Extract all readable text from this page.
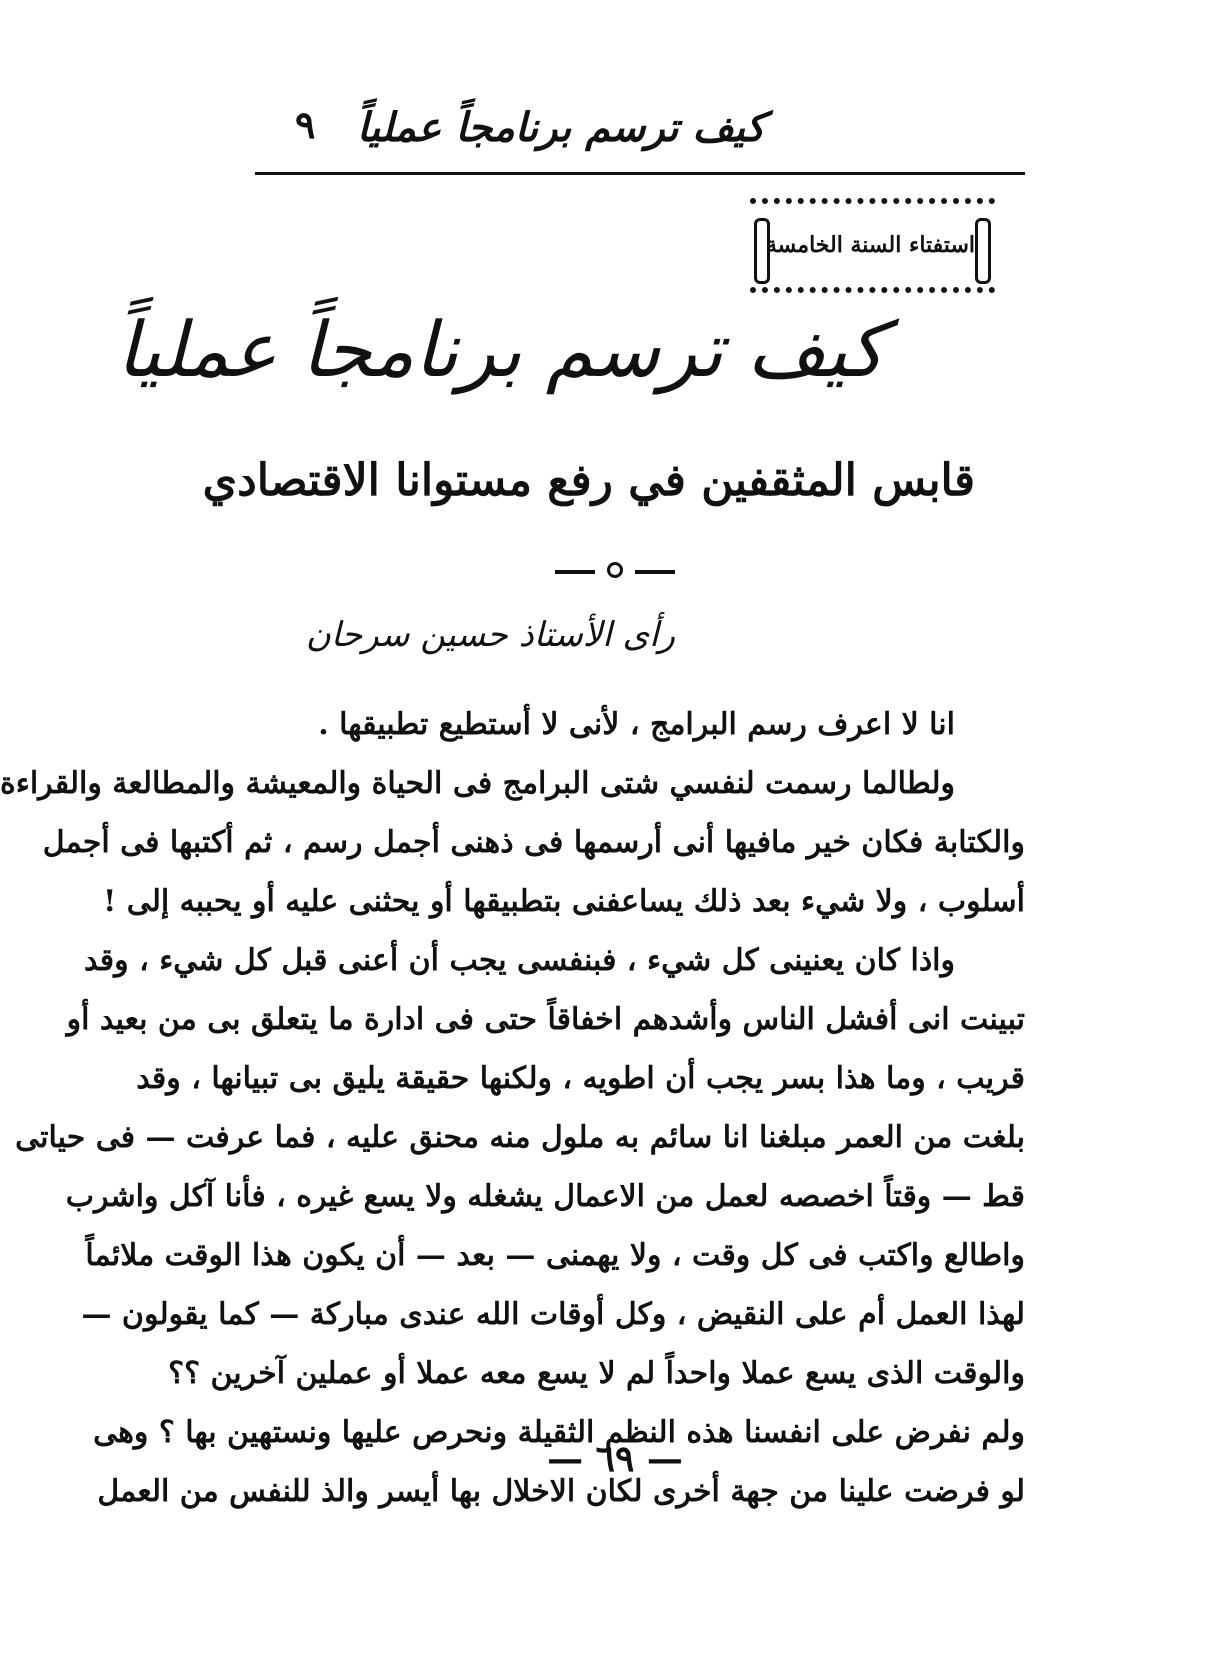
كيف ترسم برنامجاً عملياً
٩
استفتاء السنة الخامسة
كيف ترسم برنامجاً عملياً
قابس المثقفين في رفع مستوانا الاقتصادي
رأى الأستاذ حسين سرحان
انا لا اعرف رسم البرامج ، لأنى لا أستطيع تطبيقها .
ولطالما رسمت لنفسي شتى البرامج فى الحياة والمعيشة والمطالعة والقراءة
والكتابة فكان خير مافيها أنى أرسمها فى ذهنى أجمل رسم ، ثم أكتبها فى أجمل
أسلوب ، ولا شيء بعد ذلك يساعفنى بتطبيقها أو يحثنى عليه أو يحببه إلى !
واذا كان يعنينى كل شيء ، فبنفسى يجب أن أعنى قبل كل شيء ، وقد
تبينت انى أفشل الناس وأشدهم اخفاقاً حتى فى ادارة ما يتعلق بى من بعيد أو
قريب ، وما هذا بسر يجب أن اطويه ، ولكنها حقيقة يليق بى تبيانها ، وقد
بلغت من العمر مبلغنا انا سائم به ملول منه محنق عليه ، فما عرفت — فى حياتى
قط — وقتاً اخصصه لعمل من الاعمال يشغله ولا يسع غيره ، فأنا آكل واشرب
واطالع واكتب فى كل وقت ، ولا يهمنى — بعد — أن يكون هذا الوقت ملائماً
لهذا العمل أم على النقيض ، وكل أوقات الله عندى مباركة — كما يقولون —
والوقت الذى يسع عملا واحداً لم لا يسع معه عملا أو عملين آخرين ؟؟
ولم نفرض على انفسنا هذه النظم الثقيلة ونحرص عليها ونستهين بها ؟ وهى
لو فرضت علينا من جهة أخرى لكان الاخلال بها أيسر والذ للنفس من العمل
— ٦٩ —
